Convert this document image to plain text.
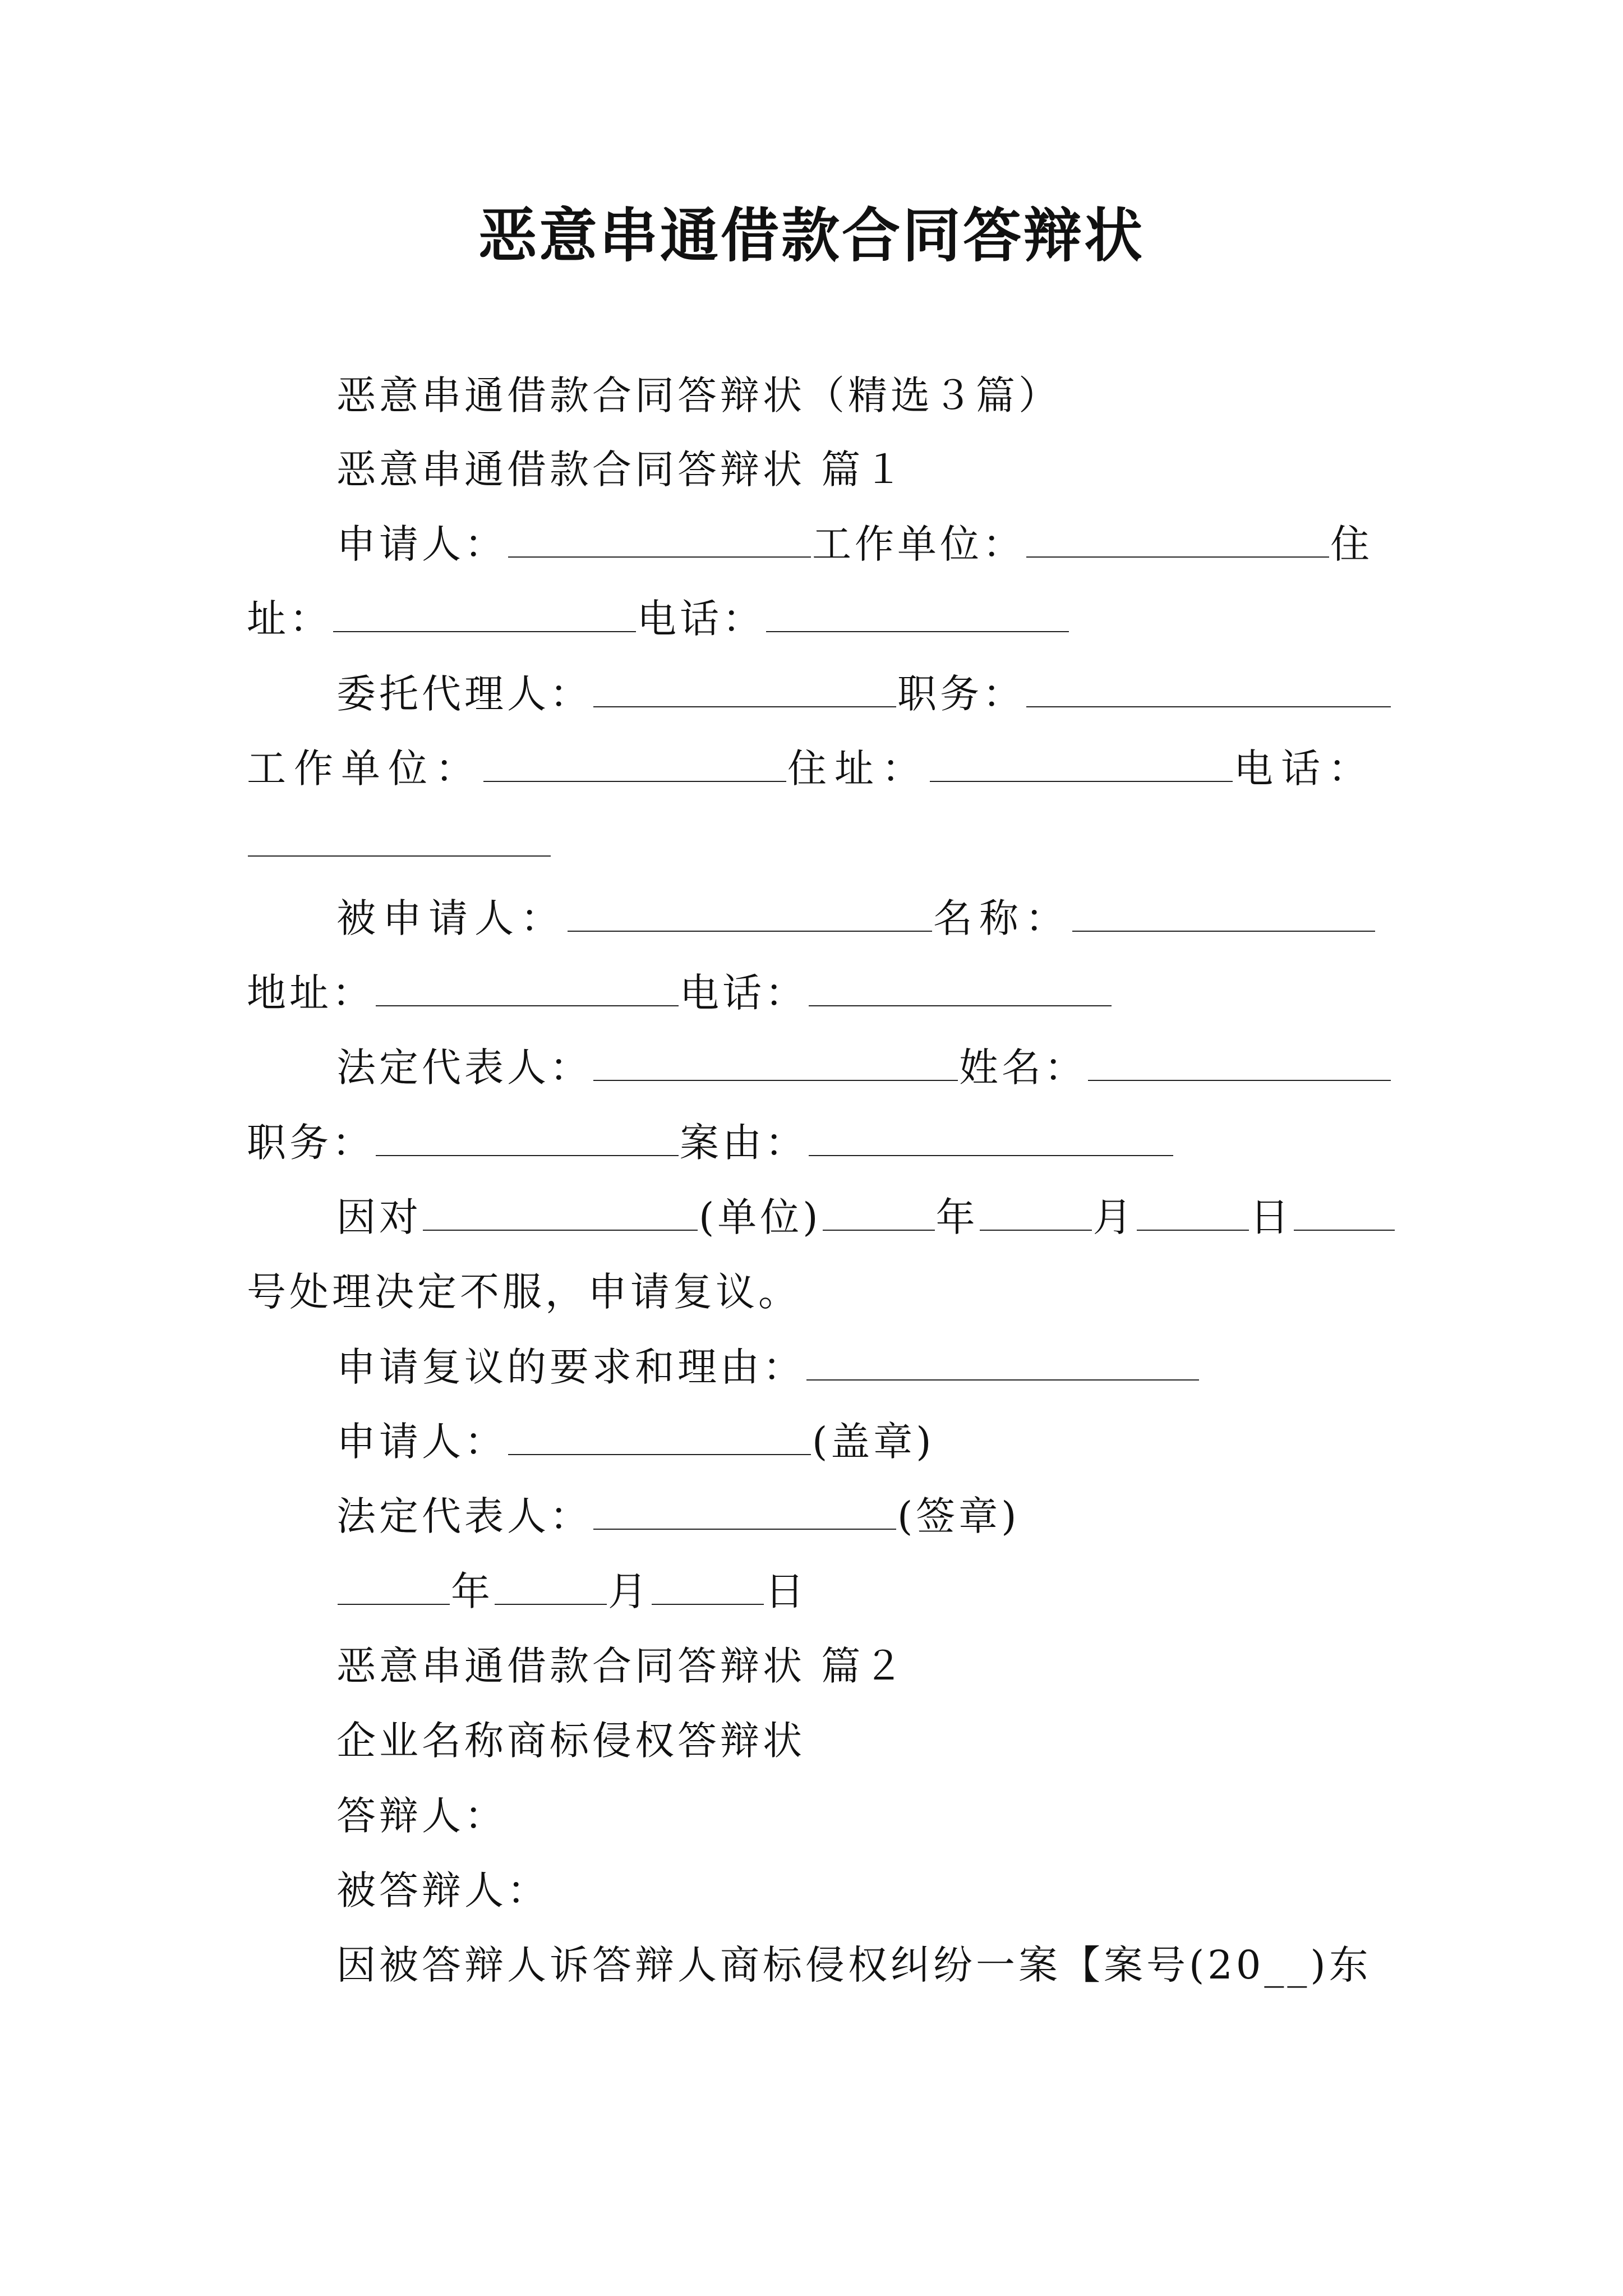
恶意串通借款合同答辩状
恶意串通借款合同答辩状（精选３篇）
恶意串通借款合同答辩状 篇１
申请人：	工作单位：	住
址：	电话：
委托代理人：	职务：
工作单位：	住址：	电话：
被申请人：	名称：
地址：	电话：
法定代表人：	姓名：
职务：	案由：
因对	(单位)	年	月	日
号处理决定不服，申请复议。
申请复议的要求和理由：
申请人：	(盖章)
法定代表人：	(签章)
年	月	日
恶意串通借款合同答辩状 篇２
企业名称商标侵权答辩状
答辩人：
被答辩人：
因被答辩人诉答辩人商标侵权纠纷一案【案号(20__)东
